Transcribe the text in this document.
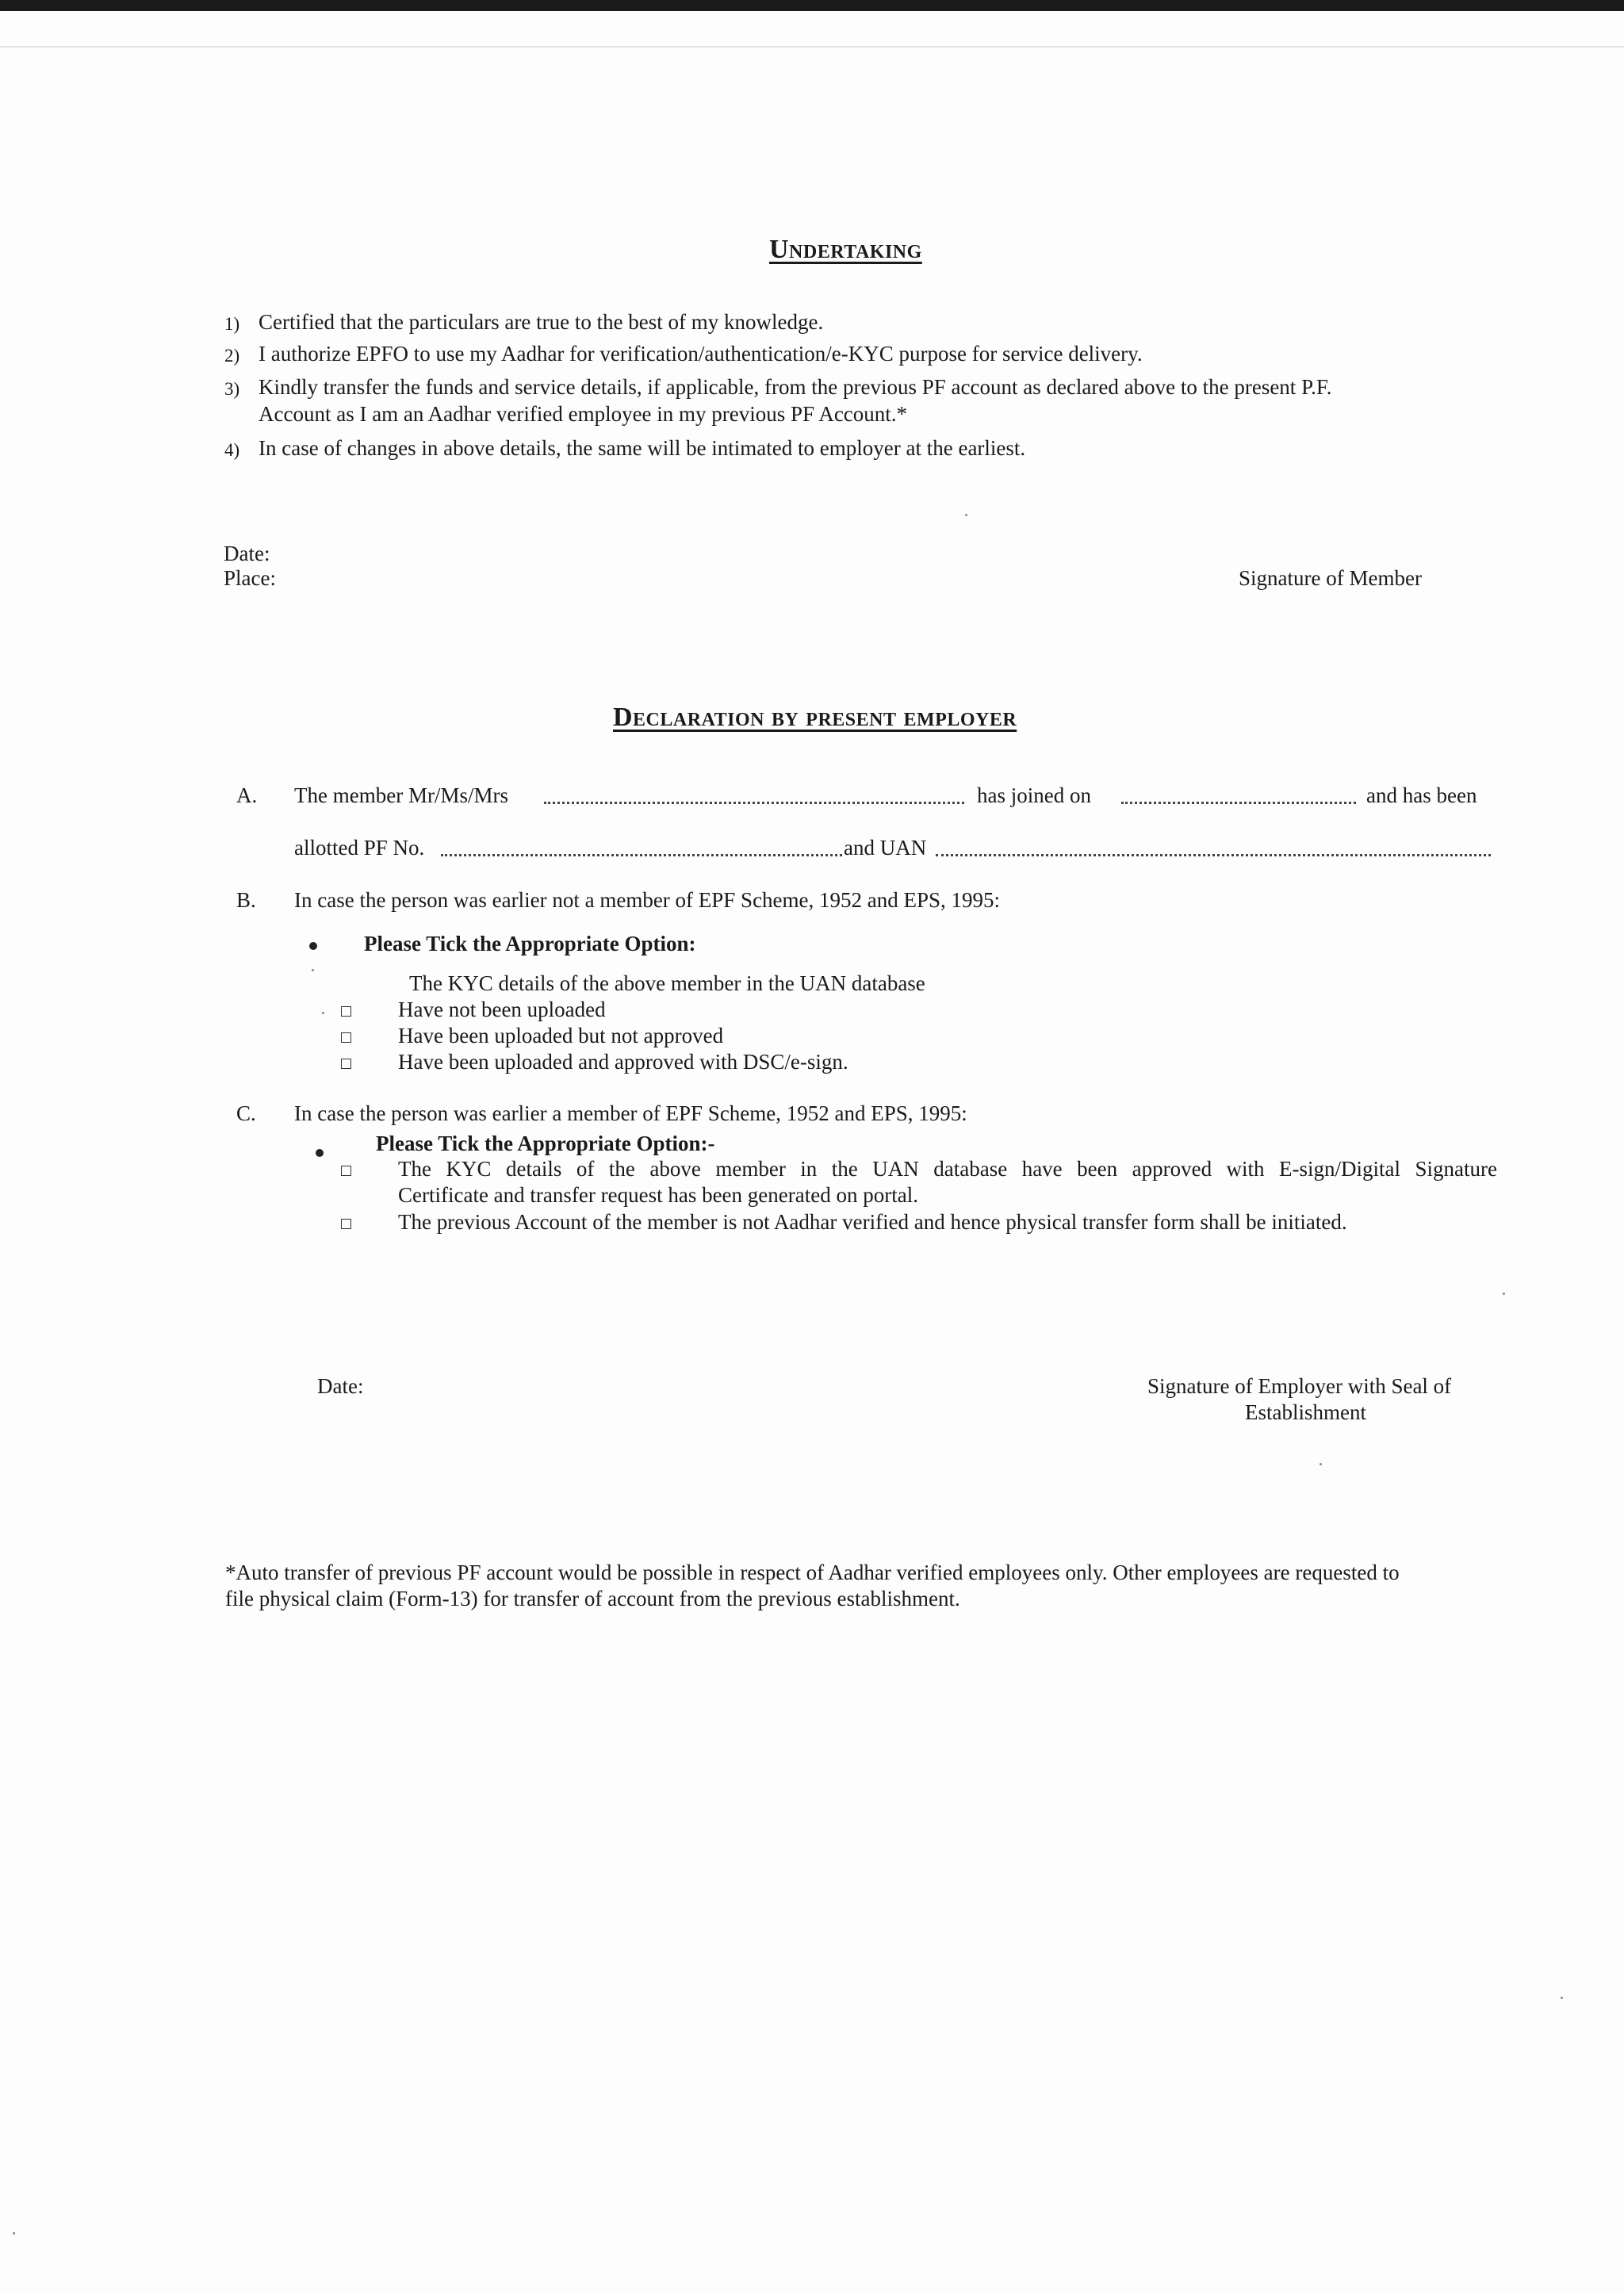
Undertaking
1) Certified that the particulars are true to the best of my knowledge.
2) I authorize EPFO to use my Aadhar for verification/authentication/e-KYC purpose for service delivery.
3) Kindly transfer the funds and service details, if applicable, from the previous PF account as declared above to the present P.F.
Account as I am an Aadhar verified employee in my previous PF Account.*
4) In case of changes in above details, the same will be intimated to employer at the earliest.
Date:
Place:	Signature of Member
Declaration by present employer
A. The member Mr/Ms/Mrs	has joined on	and has been
allotted PF No.	and UAN
B. In case the person was earlier not a member of EPF Scheme, 1952 and EPS, 1995:
Please Tick the Appropriate Option:
The KYC details of the above member in the UAN database
Have not been uploaded
Have been uploaded but not approved
Have been uploaded and approved with DSC/e-sign.
C. In case the person was earlier a member of EPF Scheme, 1952 and EPS, 1995:
Please Tick the Appropriate Option:-
The KYC details of the above member in the UAN database have been approved with E-sign/Digital Signature
Certificate and transfer request has been generated on portal.
The previous Account of the member is not Aadhar verified and hence physical transfer form shall be initiated.
Date:	Signature of Employer with Seal of
Establishment
*Auto transfer of previous PF account would be possible in respect of Aadhar verified employees only. Other employees are requested to
file physical claim (Form-13) for transfer of account from the previous establishment.
